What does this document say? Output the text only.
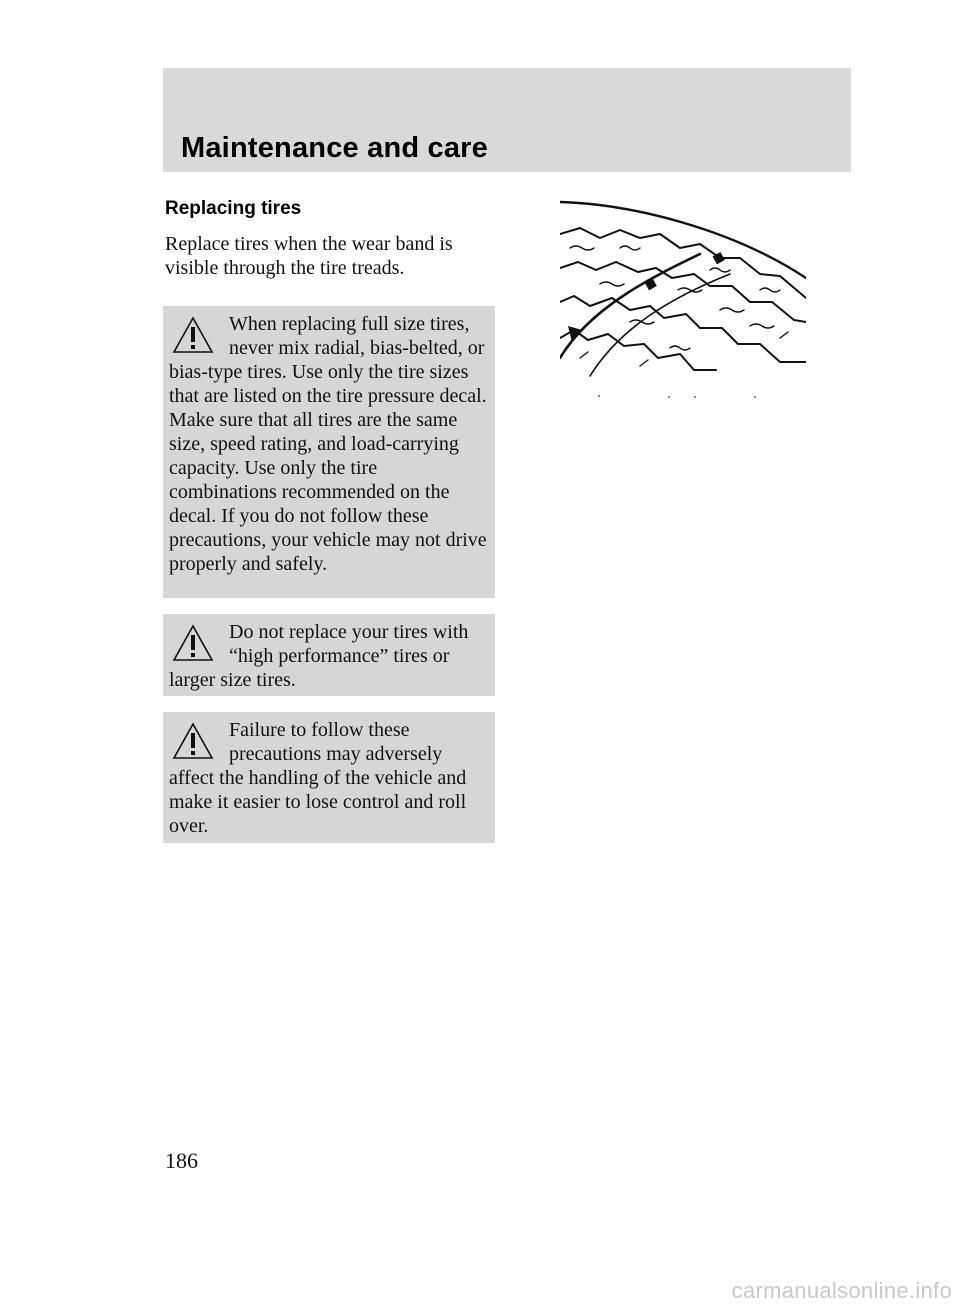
Maintenance and care
Replacing tires
Replace tires when the wear band is visible through the tire treads.

When replacing full size tires, never mix radial, bias-belted, or bias-type tires. Use only the tire sizes that are listed on the tire pressure decal. Make sure that all tires are the same size, speed rating, and load-carrying capacity. Use only the tire combinations recommended on the decal. If you do not follow these precautions, your vehicle may not drive properly and safely.

Do not replace your tires with “high performance” tires or larger size tires.

Failure to follow these precautions may adversely affect the handling of the vehicle and make it easier to lose control and roll over.

186
carmanualsonline.info
